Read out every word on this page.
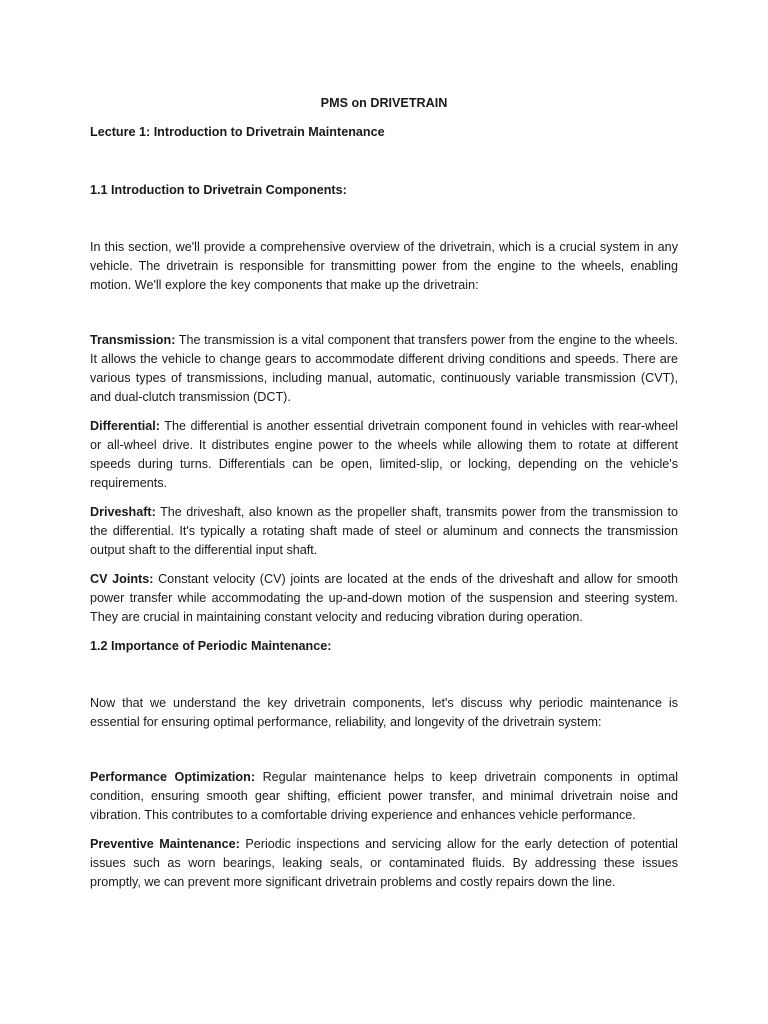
PMS on DRIVETRAIN
Lecture 1: Introduction to Drivetrain Maintenance
1.1 Introduction to Drivetrain Components:

In this section, we'll provide a comprehensive overview of the drivetrain, which is a crucial system in any vehicle. The drivetrain is responsible for transmitting power from the engine to the wheels, enabling motion. We'll explore the key components that make up the drivetrain:

Transmission: The transmission is a vital component that transfers power from the engine to the wheels. It allows the vehicle to change gears to accommodate different driving conditions and speeds. There are various types of transmissions, including manual, automatic, continuously variable transmission (CVT), and dual-clutch transmission (DCT).

Differential: The differential is another essential drivetrain component found in vehicles with rear-wheel or all-wheel drive. It distributes engine power to the wheels while allowing them to rotate at different speeds during turns. Differentials can be open, limited-slip, or locking, depending on the vehicle's requirements.

Driveshaft: The driveshaft, also known as the propeller shaft, transmits power from the transmission to the differential. It's typically a rotating shaft made of steel or aluminum and connects the transmission output shaft to the differential input shaft.

CV Joints: Constant velocity (CV) joints are located at the ends of the driveshaft and allow for smooth power transfer while accommodating the up-and-down motion of the suspension and steering system. They are crucial in maintaining constant velocity and reducing vibration during operation.

1.2 Importance of Periodic Maintenance:

Now that we understand the key drivetrain components, let's discuss why periodic maintenance is essential for ensuring optimal performance, reliability, and longevity of the drivetrain system:

Performance Optimization: Regular maintenance helps to keep drivetrain components in optimal condition, ensuring smooth gear shifting, efficient power transfer, and minimal drivetrain noise and vibration. This contributes to a comfortable driving experience and enhances vehicle performance.

Preventive Maintenance: Periodic inspections and servicing allow for the early detection of potential issues such as worn bearings, leaking seals, or contaminated fluids. By addressing these issues promptly, we can prevent more significant drivetrain problems and costly repairs down the line.
